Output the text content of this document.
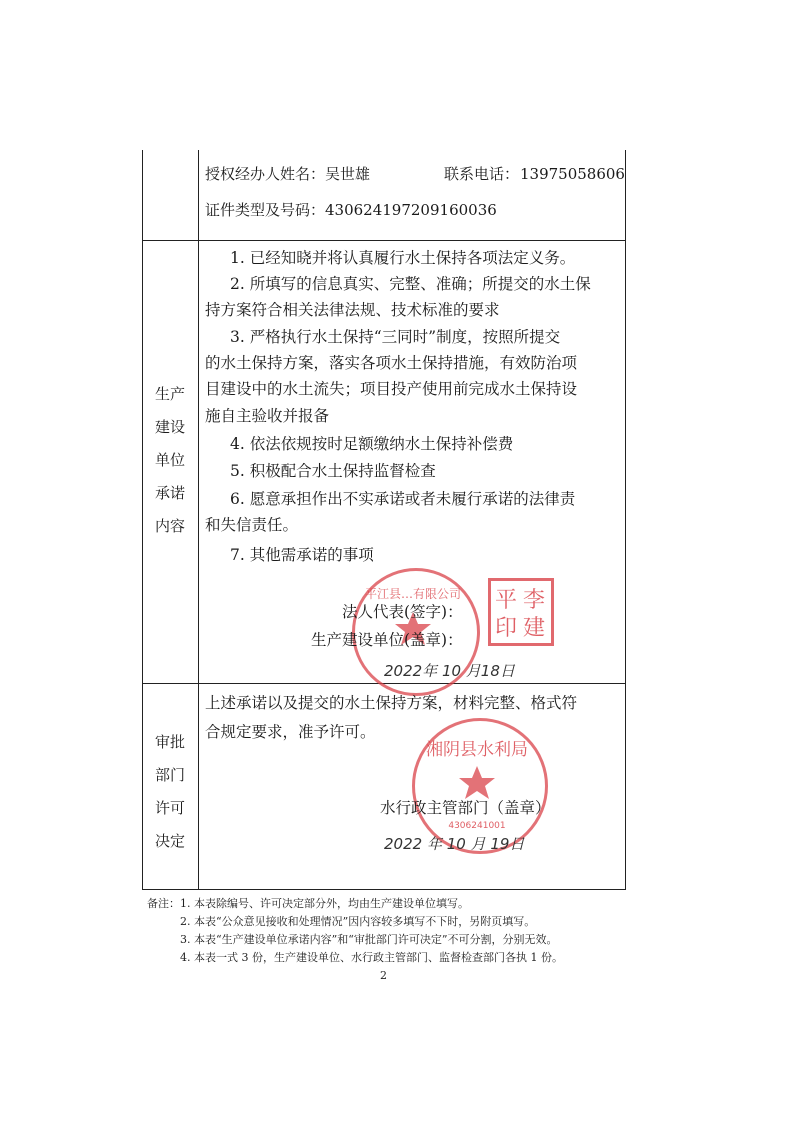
授权经办人姓名： 吴世雄	联系电话： 13975058606
证件类型及号码： 430624197209160036
生产
建设
单位
承诺
内容
1. 已经知晓并将认真履行水土保持各项法定义务。
2. 所填写的信息真实、完整、准确；所提交的水土保
持方案符合相关法律法规、技术标准的要求
3. 严格执行水土保持“三同时”制度，按照所提交
的水土保持方案，落实各项水土保持措施，有效防治项
目建设中的水土流失；项目投产使用前完成水土保持设
施自主验收并报备
4. 依法依规按时足额缴纳水土保持补偿费
5. 积极配合水土保持监督检查
6. 愿意承担作出不实承诺或者未履行承诺的法律责
和失信责任。
7. 其他需承诺的事项
平江县…有限公司	李
建
平
印
法人代表(签字)：
生产建设单位(盖章)：
2022年 10 月18日
审批
部门
许可
决定
上述承诺以及提交的水土保持方案，材料完整、格式符
合规定要求，准予许可。
湘阴县水利局
4306241001
水行政主管部门（盖章）
2022 年 10 月 19日
备注： 1. 本表除编号、许可决定部分外，均由生产建设单位填写。
2. 本表“公众意见接收和处理情况”因内容较多填写不下时，另附页填写。
3. 本表“生产建设单位承诺内容”和“审批部门许可决定”不可分割，分别无效。
4. 本表一式 3 份，生产建设单位、水行政主管部门、监督检查部门各执 1 份。
2
